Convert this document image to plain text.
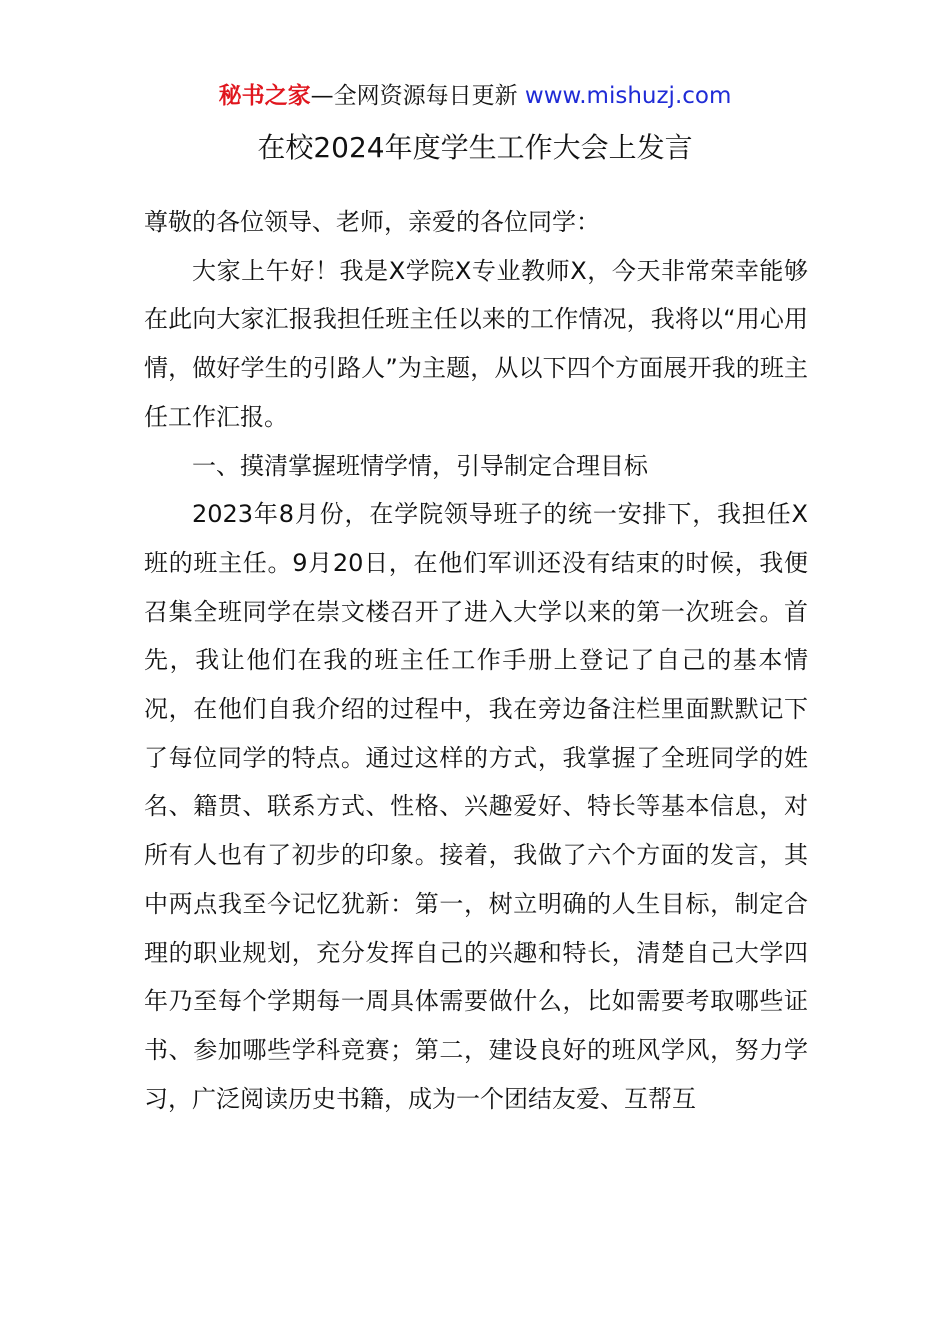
秘书之家—全网资源每日更新 www.mishuzj.com
在校2024年度学生工作大会上发言

尊敬的各位领导、老师，亲爱的各位同学：

大家上午好！我是X学院X专业教师X，今天非常荣幸能够在此向大家汇报我担任班主任以来的工作情况，我将以“用心用情，做好学生的引路人”为主题，从以下四个方面展开我的班主任工作汇报。

一、摸清掌握班情学情，引导制定合理目标

2023年8月份，在学院领导班子的统一安排下，我担任X班的班主任。9月20日，在他们军训还没有结束的时候，我便召集全班同学在崇文楼召开了进入大学以来的第一次班会。首先，我让他们在我的班主任工作手册上登记了自己的基本情况，在他们自我介绍的过程中，我在旁边备注栏里面默默记下了每位同学的特点。通过这样的方式，我掌握了全班同学的姓名、籍贯、联系方式、性格、兴趣爱好、特长等基本信息，对所有人也有了初步的印象。接着，我做了六个方面的发言，其中两点我至今记忆犹新：第一，树立明确的人生目标，制定合理的职业规划，充分发挥自己的兴趣和特长，清楚自己大学四年乃至每个学期每一周具体需要做什么，比如需要考取哪些证书、参加哪些学科竞赛；第二，建设良好的班风学风，努力学习，广泛阅读历史书籍，成为一个团结友爱、互帮互
